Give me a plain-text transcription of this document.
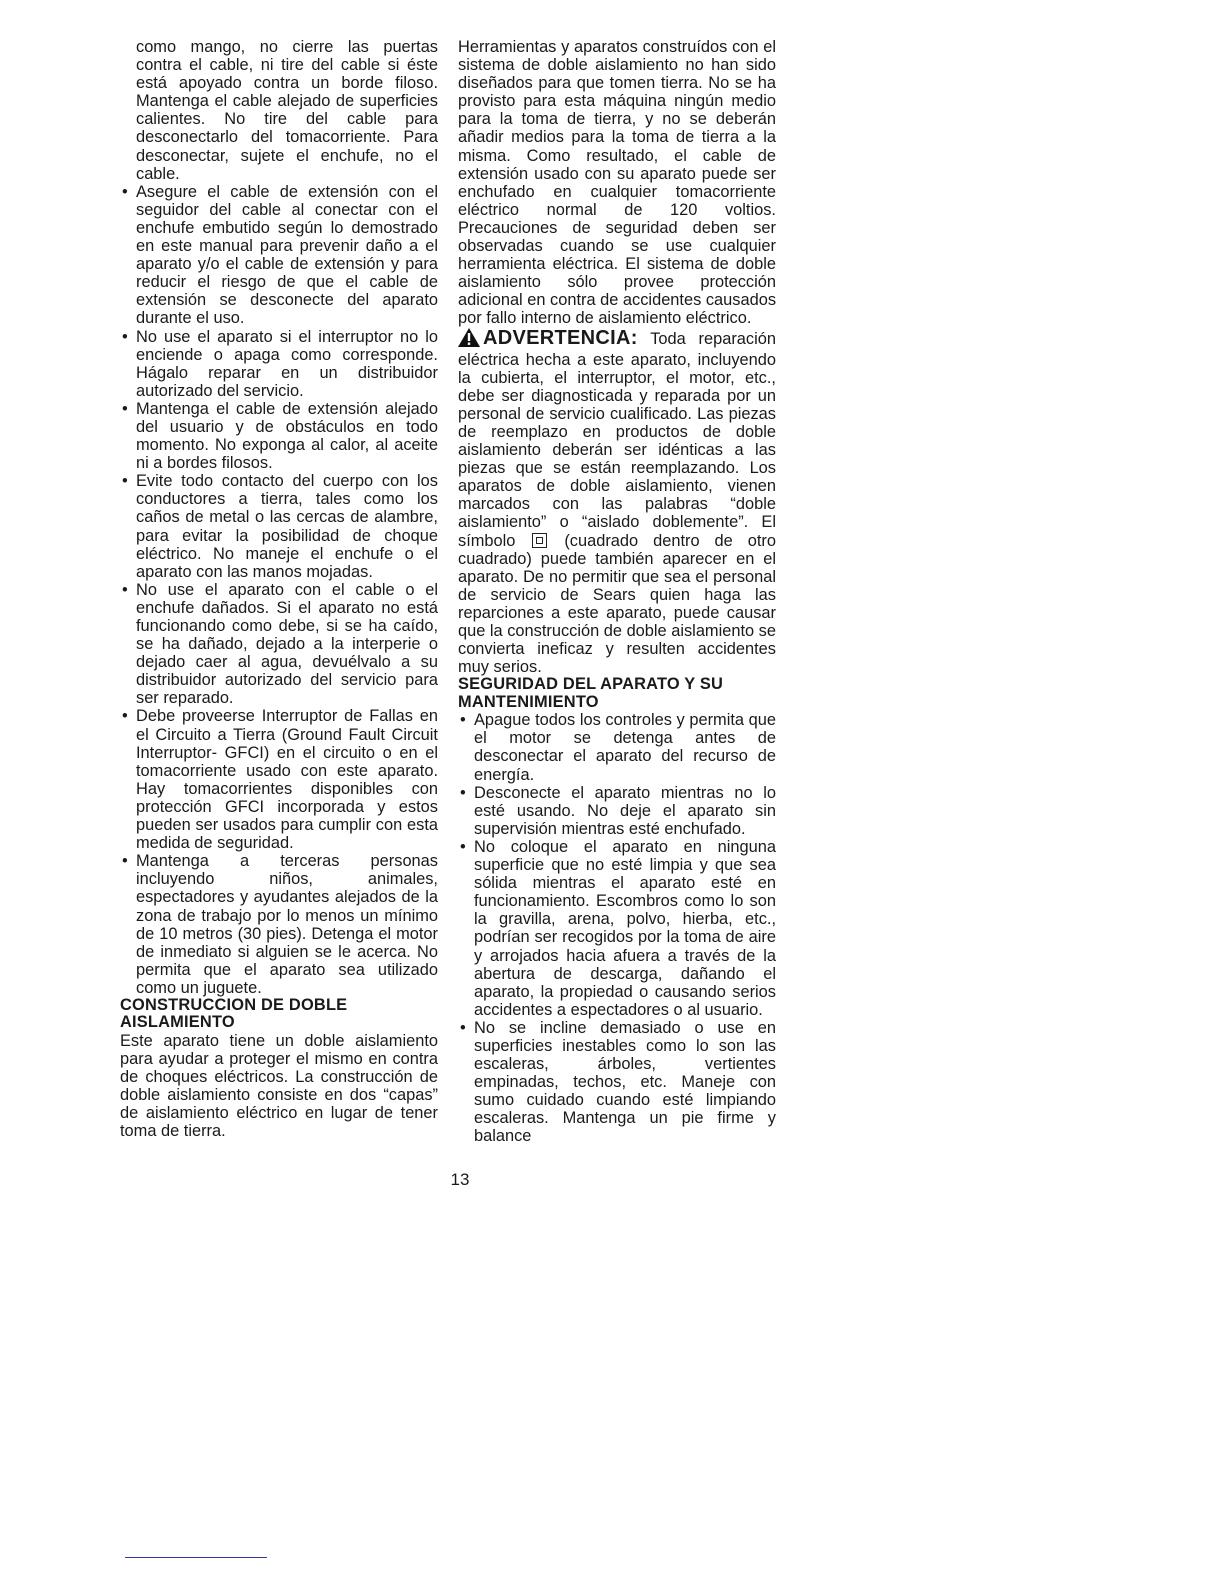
como mango, no cierre las puertas contra el cable, ni tire del cable si éste está apoyado contra un borde filoso. Mantenga el cable alejado de superficies calientes. No tire del cable para desconectarlo del tomacorriente. Para desconectar, sujete el enchufe, no el cable.

• Asegure el cable de extensión con el seguidor del cable al conectar con el enchufe embutido según lo demostrado en este manual para prevenir daño a el aparato y/o el cable de extensión y para reducir el riesgo de que el cable de extensión se desconecte del aparato durante el uso.
• No use el aparato si el interruptor no lo enciende o apaga como corresponde. Hágalo reparar en un distribuidor autorizado del servicio.
• Mantenga el cable de extensión alejado del usuario y de obstáculos en todo momento. No exponga al calor, al aceite ni a bordes filosos.
• Evite todo contacto del cuerpo con los conductores a tierra, tales como los caños de metal o las cercas de alambre, para evitar la posibilidad de choque eléctrico. No maneje el enchufe o el aparato con las manos mojadas.
• No use el aparato con el cable o el enchufe dañados. Si el aparato no está funcionando como debe, si se ha caído, se ha dañado, dejado a la interperie o dejado caer al agua, devuélvalo a su distribuidor autorizado del servicio para ser reparado.
• Debe proveerse Interruptor de Fallas en el Circuito a Tierra (Ground Fault Circuit Interruptor- GFCI) en el circuito o en el tomacorriente usado con este aparato. Hay tomacorrientes disponibles con protección GFCI incorporada y estos pueden ser usados para cumplir con esta medida de seguridad.
• Mantenga a terceras personas incluyendo niños, animales, espectadores y ayudantes alejados de la zona de trabajo por lo menos un mínimo de 10 metros (30 pies). Detenga el motor de inmediato si alguien se le acerca. No permita que el aparato sea utilizado como un juguete.
CONSTRUCCION DE DOBLE AISLAMIENTO

Este aparato tiene un doble aislamiento para ayudar a proteger el mismo en contra de choques eléctricos. La construcción de doble aislamiento consiste en dos “capas” de aislamiento eléctrico en lugar de tener toma de tierra.

Herramientas y aparatos construídos con el sistema de doble aislamiento no han sido diseñados para que tomen tierra. No se ha provisto para esta máquina ningún medio para la toma de tierra, y no se deberán añadir medios para la toma de tierra a la misma. Como resultado, el cable de extensión usado con su aparato puede ser enchufado en cualquier tomacorriente eléctrico normal de 120 voltios. Precauciones de seguridad deben ser observadas cuando se use cualquier herramienta eléctrica. El sistema de doble aislamiento sólo provee protección adicional en contra de accidentes causados por fallo interno de aislamiento eléctrico.

ADVERTENCIA: Toda reparación eléctrica hecha a este aparato, incluyendo la cubierta, el interruptor, el motor, etc., debe ser diagnosticada y reparada por un personal de servicio cualificado. Las piezas de reemplazo en productos de doble aislamiento deberán ser idénticas a las piezas que se están reemplazando. Los aparatos de doble aislamiento, vienen marcados con las palabras “doble aislamiento” o “aislado doblemente”. El símbolo	(cuadrado dentro de otro cuadrado) puede también aparecer en el aparato. De no permitir que sea el personal de servicio de Sears quien haga las reparciones a este aparato, puede causar que la construcción de doble aislamiento se convierta ineficaz y resulten accidentes muy serios.

SEGURIDAD DEL APARATO Y SU MANTENIMIENTO
• Apague todos los controles y permita que el motor se detenga antes de desconectar el aparato del recurso de energía.
• Desconecte el aparato mientras no lo esté usando. No deje el aparato sin supervisión mientras esté enchufado.
• No coloque el aparato en ninguna superficie que no esté limpia y que sea sólida mientras el aparato esté en funcionamiento. Escombros como lo son la gravilla, arena, polvo, hierba, etc., podrían ser recogidos por la toma de aire y arrojados hacia afuera a través de la abertura de descarga, dañando el aparato, la propiedad o causando serios accidentes a espectadores o al usuario.
• No se incline demasiado o use en superficies inestables como lo son las escaleras, árboles, vertientes empinadas, techos, etc. Maneje con sumo cuidado cuando esté limpiando escaleras. Mantenga un pie firme y balance
13
